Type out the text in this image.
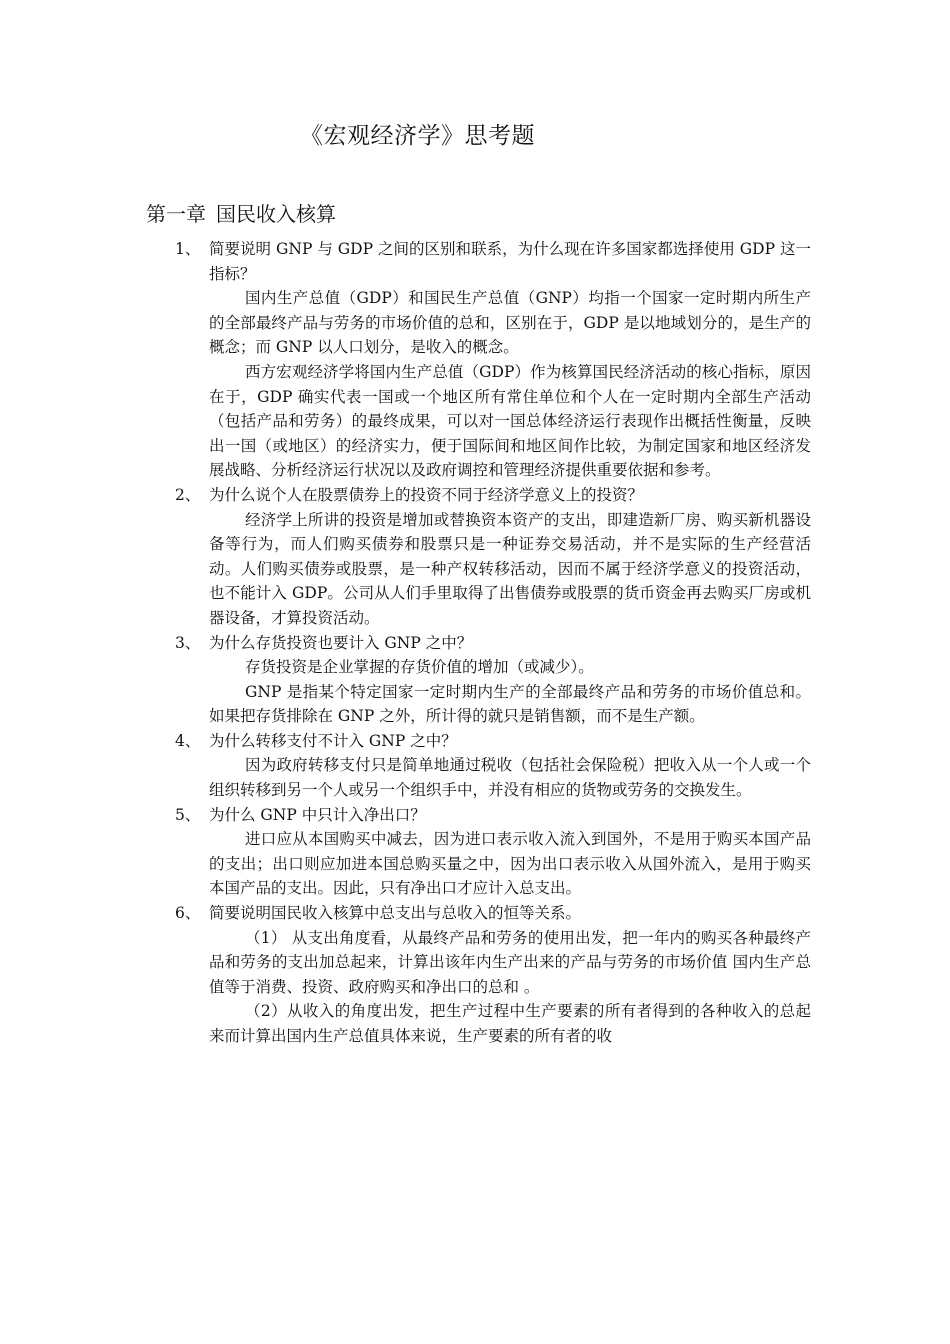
《宏观经济学》思考题
第一章 国民收入核算
1、 简要说明 GNP 与 GDP 之间的区别和联系，为什么现在许多国家都选择使用 GDP 这一指标？

国内生产总值（GDP）和国民生产总值（GNP）均指一个国家一定时期内所生产的全部最终产品与劳务的市场价值的总和，区别在于，GDP 是以地域划分的，是生产的概念；而 GNP 以人口划分，是收入的概念。

西方宏观经济学将国内生产总值（GDP）作为核算国民经济活动的核心指标，原因在于，GDP 确实代表一国或一个地区所有常住单位和个人在一定时期内全部生产活动（包括产品和劳务）的最终成果，可以对一国总体经济运行表现作出概括性衡量，反映出一国（或地区）的经济实力，便于国际间和地区间作比较，为制定国家和地区经济发展战略、分析经济运行状况以及政府调控和管理经济提供重要依据和参考。

2、 为什么说个人在股票债券上的投资不同于经济学意义上的投资？

经济学上所讲的投资是增加或替换资本资产的支出，即建造新厂房、购买新机器设备等行为，而人们购买债券和股票只是一种证券交易活动，并不是实际的生产经营活动。人们购买债券或股票，是一种产权转移活动，因而不属于经济学意义的投资活动，也不能计入 GDP。公司从人们手里取得了出售债券或股票的货币资金再去购买厂房或机器设备，才算投资活动。

3、 为什么存货投资也要计入 GNP 之中？

存货投资是企业掌握的存货价值的增加（或减少）。

GNP 是指某个特定国家一定时期内生产的全部最终产品和劳务的市场价值总和。 如果把存货排除在 GNP 之外，所计得的就只是销售额，而不是生产额。

4、 为什么转移支付不计入 GNP 之中？

因为政府转移支付只是简单地通过税收（包括社会保险税）把收入从一个人或一个组织转移到另一个人或另一个组织手中，并没有相应的货物或劳务的交换发生。

5、 为什么 GNP 中只计入净出口？

进口应从本国购买中减去，因为进口表示收入流入到国外，不是用于购买本国产品的支出；出口则应加进本国总购买量之中，因为出口表示收入从国外流入，是用于购买本国产品的支出。因此，只有净出口才应计入总支出。

6、 简要说明国民收入核算中总支出与总收入的恒等关系。

（1） 从支出角度看，从最终产品和劳务的使用出发，把一年内的购买各种最终产品和劳务的支出加总起来，计算出该年内生产出来的产品与劳务的市场价值 国内生产总值等于消费、投资、政府购买和净出口的总和 。

（2）从收入的角度出发，把生产过程中生产要素的所有者得到的各种收入的总起来而计算出国内生产总值具体来说，生产要素的所有者的收
